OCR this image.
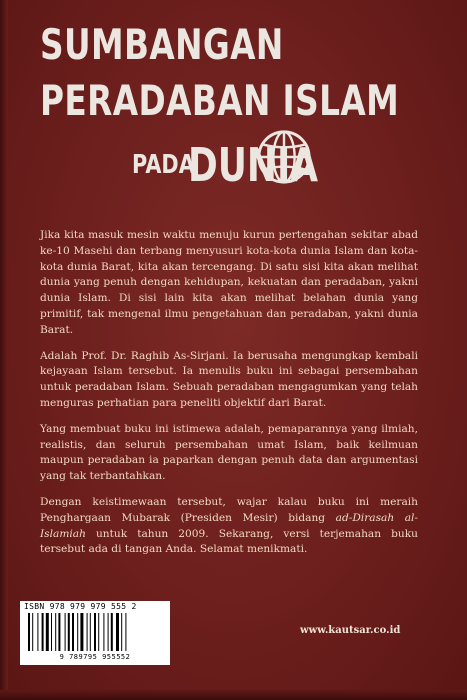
SUMBANGAN
PERADABAN ISLAM
PADA
DUNIA

Jika kita masuk mesin waktu menuju kurun pertengahan sekitar abad ke-10 Masehi dan terbang menyusuri kota-kota dunia Islam dan kota-kota dunia Barat, kita akan tercengang. Di satu sisi kita akan melihat dunia yang penuh dengan kehidupan, kekuatan dan peradaban, yakni dunia Islam. Di sisi lain kita akan melihat belahan dunia yang primitif, tak mengenal ilmu pengetahuan dan peradaban, yakni dunia Barat.

Adalah Prof. Dr. Raghib As-Sirjani. Ia berusaha mengungkap kembali kejayaan Islam tersebut. Ia menulis buku ini sebagai persembahan untuk peradaban Islam. Sebuah peradaban mengagumkan yang telah menguras perhatian para peneliti objektif dari Barat.

Yang membuat buku ini istimewa adalah, pemaparannya yang ilmiah, realistis, dan seluruh persembahan umat Islam, baik keilmuan maupun peradaban ia paparkan dengan penuh data dan argumentasi yang tak terbantahkan.

Dengan keistimewaan tersebut, wajar kalau buku ini meraih Penghargaan Mubarak (Presiden Mesir) bidang ad-Dirasah al-Islamiah untuk tahun 2009. Sekarang, versi terjemahan buku tersebut ada di tangan Anda. Selamat menikmati.

ISBN 978 979 979 555 2
9 789795 955552
www.kautsar.co.id
